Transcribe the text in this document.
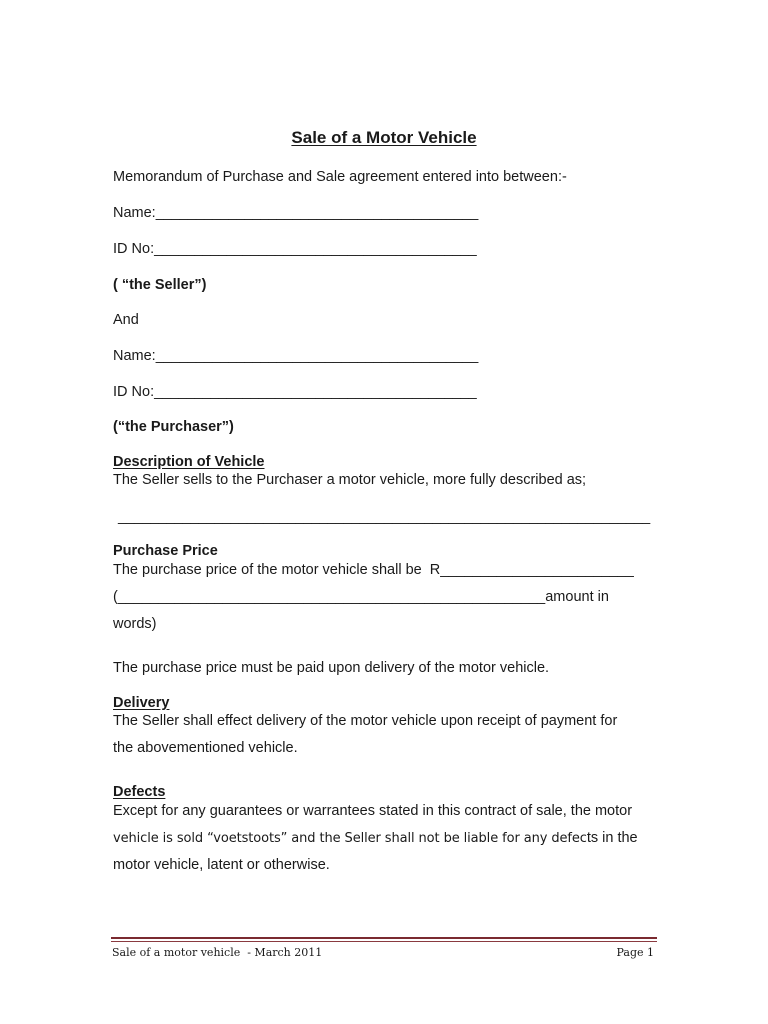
Sale of a Motor Vehicle
Memorandum of Purchase and Sale agreement entered into between:-
Name:________________________________________
ID No:________________________________________
( “the Seller”)
And
Name:________________________________________
ID No:________________________________________
(“the Purchaser”)
Description of Vehicle
The Seller sells to the Purchaser a motor vehicle, more fully described as;
__________________________________________________________________
Purchase Price
The purchase price of the motor vehicle shall be  R________________________
(_____________________________________________________amount in
words)
The purchase price must be paid upon delivery of the motor vehicle.
Delivery
The Seller shall effect delivery of the motor vehicle upon receipt of payment for
the abovementioned vehicle.
Defects
Except for any guarantees or warrantees stated in this contract of sale, the motor
vehicle is sold “voetstoots” and the Seller shall not be liable for any defects in the
motor vehicle, latent or otherwise.
Sale of a motor vehicle  - March 2011	Page 1
